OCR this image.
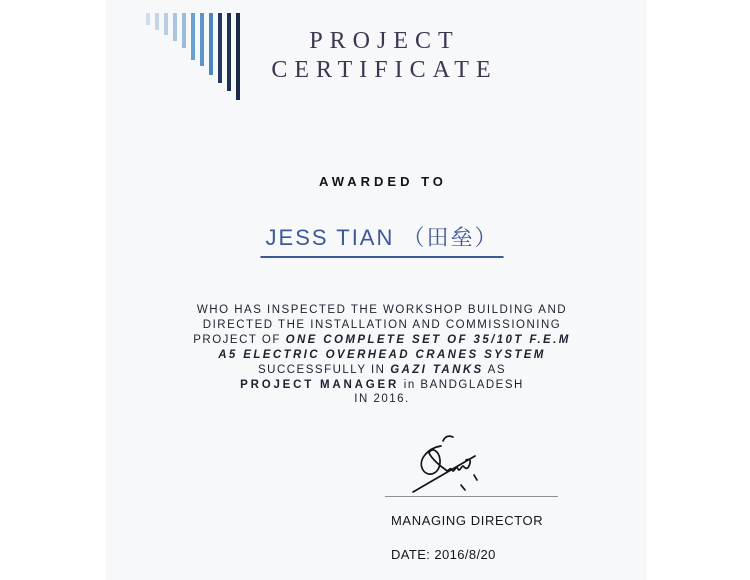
PROJECT
CERTIFICATE
AWARDED TO
JESS TIAN （田垒）
WHO HAS INSPECTED THE WORKSHOP BUILDING AND
DIRECTED THE INSTALLATION AND COMMISSIONING
PROJECT OF ONE COMPLETE SET OF 35/10T F.E.M
A5 ELECTRIC OVERHEAD CRANES SYSTEM
SUCCESSFULLY IN GAZI TANKS AS
PROJECT MANAGER in BANDGLADESH
IN 2016.
MANAGING DIRECTOR
DATE: 2016/8/20
